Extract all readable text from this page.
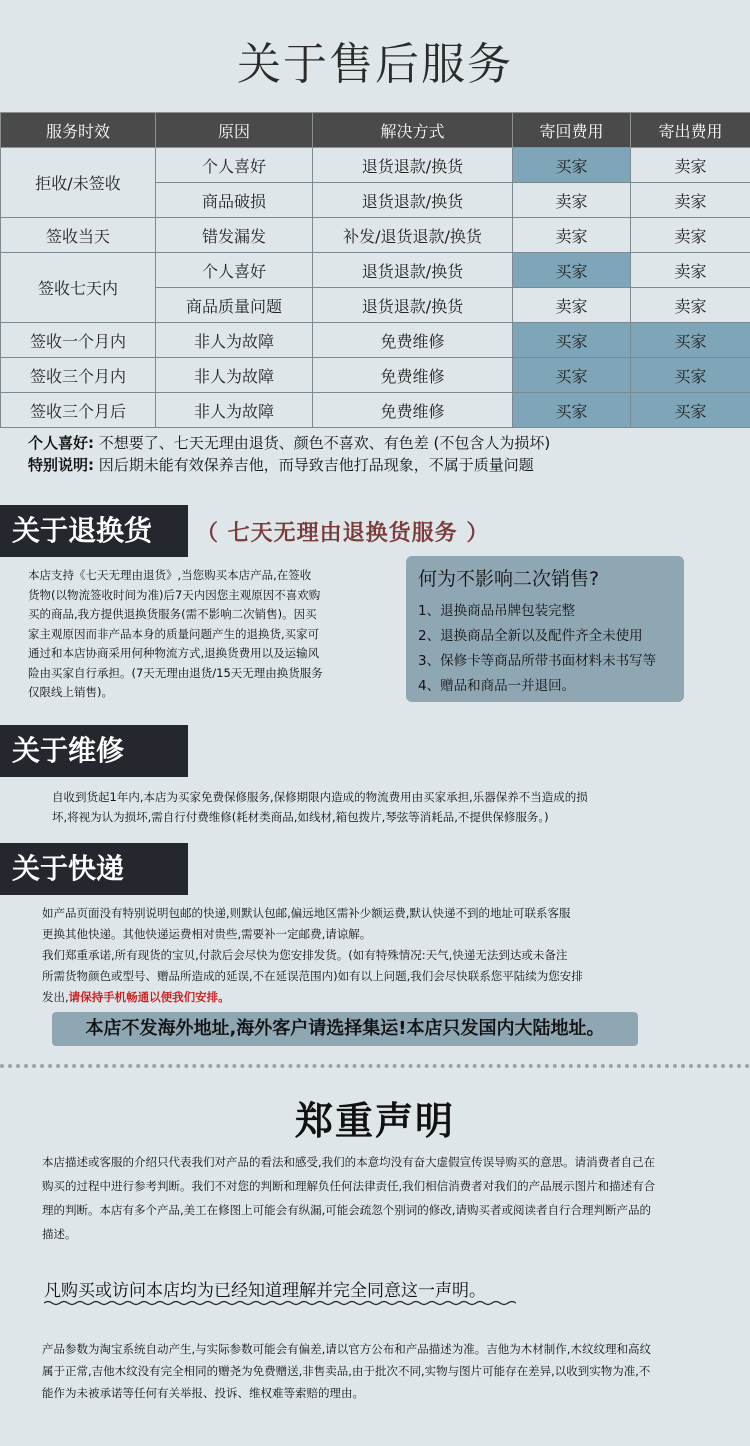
关于售后服务
服务时效	原因	解决方式	寄回费用	寄出费用
拒收/未签收	个人喜好	退货退款/换货	买家	卖家
	商品破损	退货退款/换货	卖家	卖家
签收当天	错发漏发	补发/退货退款/换货	卖家	卖家
签收七天内	个人喜好	退货退款/换货	买家	卖家
	商品质量问题	退货退款/换货	卖家	卖家
签收一个月内	非人为故障	免费维修	买家	买家
签收三个月内	非人为故障	免费维修	买家	买家
签收三个月后	非人为故障	免费维修	买家	买家
个人喜好: 不想要了、七天无理由退货、颜色不喜欢、有色差 (不包含人为损坏)
特别说明: 因后期未能有效保养吉他，而导致吉他打品现象，不属于质量问题
关于退换货	（ 七天无理由退换货服务 ）
本店支持《七天无理由退货》,当您购买本店产品,在签收
货物(以物流签收时间为准)后7天内因您主观原因不喜欢购
买的商品,我方提供退换货服务(需不影响二次销售)。因买
家主观原因而非产品本身的质量问题产生的退换货,买家可
通过和本店协商采用何种物流方式,退换货费用以及运输风
险由买家自行承担。(7天无理由退货/15天无理由换货服务
仅限线上销售)。
何为不影响二次销售?
1、退换商品吊牌包装完整
2、退换商品全新以及配件齐全未使用
3、保修卡等商品所带书面材料未书写等
4、赠品和商品一并退回。
关于维修
自收到货起1年内,本店为买家免费保修服务,保修期限内造成的物流费用由买家承担,乐器保养不当造成的损
坏,将视为认为损坏,需自行付费维修(耗材类商品,如线材,箱包拨片,琴弦等消耗品,不提供保修服务。)
关于快递
如产品页面没有特别说明包邮的快递,则默认包邮,偏远地区需补少额运费,默认快递不到的地址可联系客服
更换其他快递。其他快递运费相对贵些,需要补一定邮费,请谅解。
我们郑重承诺,所有现货的宝贝,付款后会尽快为您安排发货。(如有特殊情况:天气,快递无法到达或未备注
所需货物颜色或型号、赠品所造成的延误,不在延误范围内)如有以上问题,我们会尽快联系您平陆续为您安排
发出,请保持手机畅通以便我们安排。
本店不发海外地址,海外客户请选择集运!本店只发国内大陆地址。
郑重声明
本店描述或客服的介绍只代表我们对产品的看法和感受,我们的本意均没有奋大虚假宣传误导购买的意思。请消费者自己在
购买的过程中进行参考判断。我们不对您的判断和理解负任何法律责任,我们相信消费者对我们的产品展示图片和描述有合
理的判断。本店有多个产品,美工在修图上可能会有纵漏,可能会疏忽个别词的修改,请购买者或阅读者自行合理判断产品的
描述。
凡购买或访问本店均为已经知道理解并完全同意这一声明。
产品参数为淘宝系统自动产生,与实际参数可能会有偏差,请以官方公布和产品描述为准。吉他为木材制作,木纹纹理和高纹
属于正常,吉他木纹没有完全相同的赠尧为免费赠送,非售卖品,由于批次不同,实物与图片可能存在差异,以收到实物为准,不
能作为未被承诺等任何有关举报、投诉、维权难等索赔的理由。
